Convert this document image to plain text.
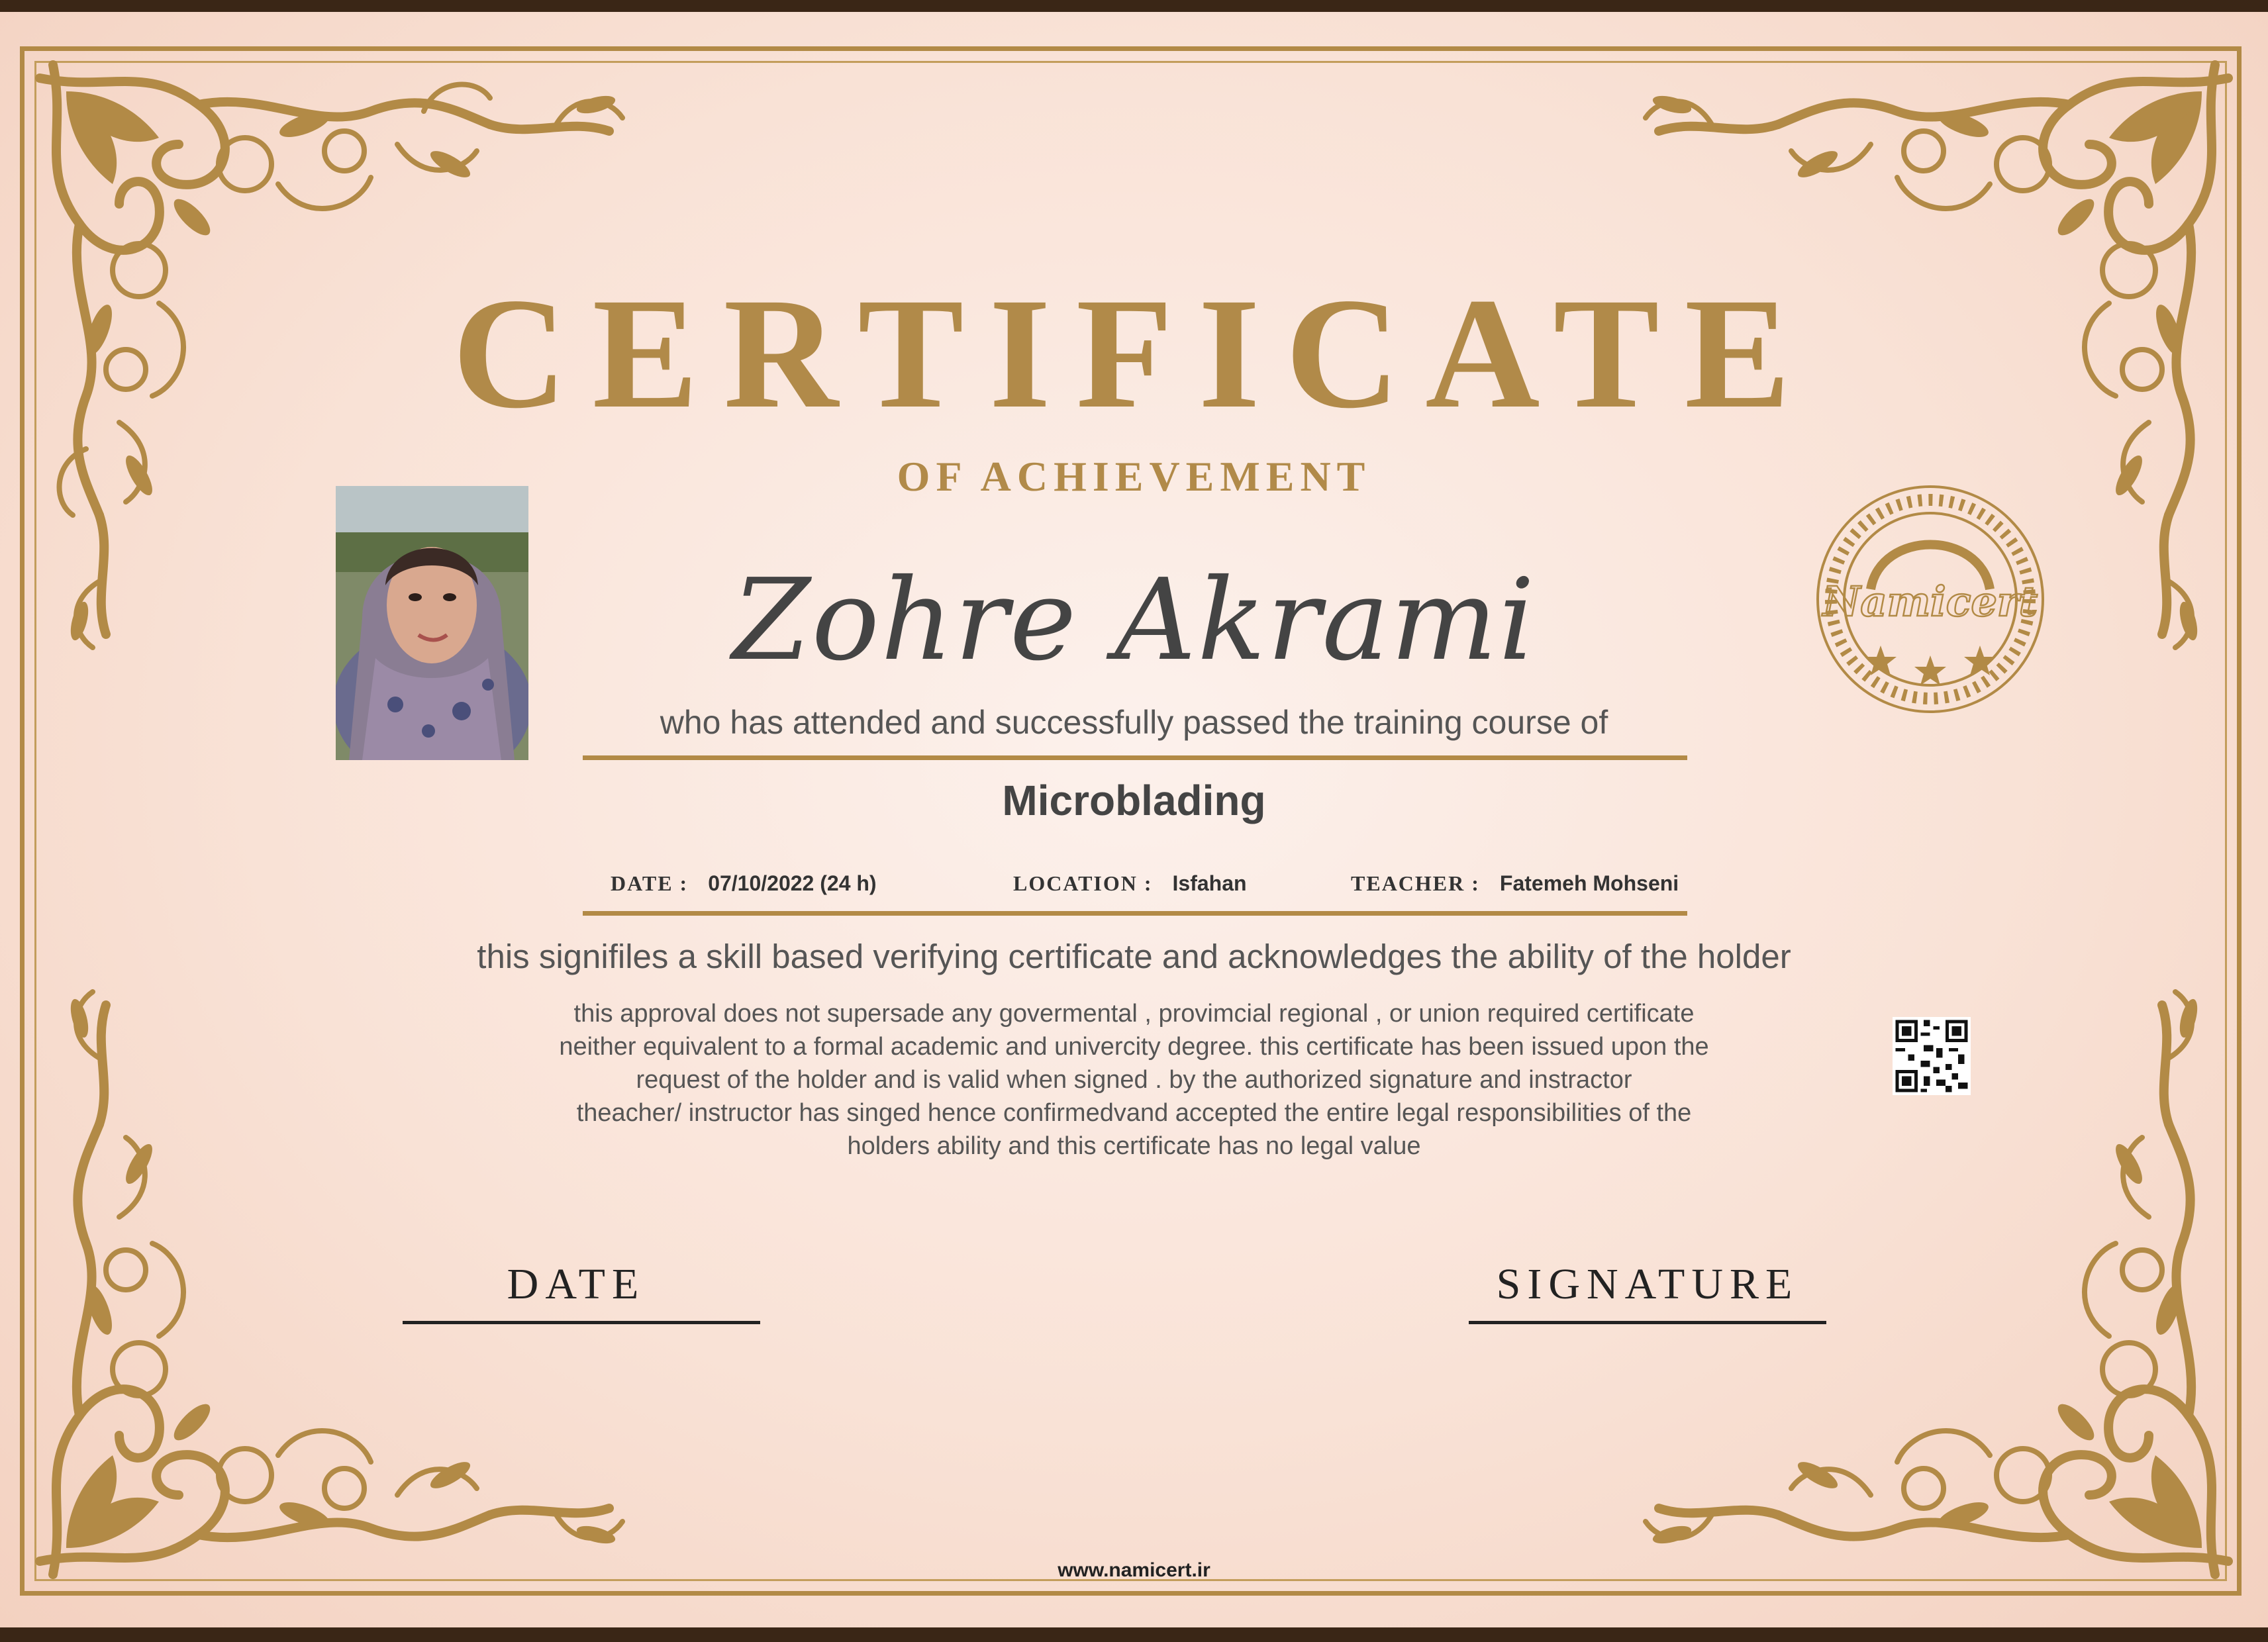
CERTIFICATE
OF ACHIEVEMENT
Namicert
Zohre Akrami
who has attended and successfully passed the training course of
Microblading
DATE : 07/10/2022 (24 h)	LOCATION : Isfahan	TEACHER : Fatemeh Mohseni
this signifiles a skill based verifying certificate and acknowledges the ability of the holder
this approval does not supersade any govermental , provimcial regional , or union required certificate
neither equivalent to a formal academic and univercity degree. this certificate has been issued upon the
request of the holder and is valid when signed . by the authorized signature and instractor
theacher/ instructor has singed hence confirmedvand accepted the entire legal responsibilities of the
holders ability and this certificate has no legal value
DATE	SIGNATURE
www.namicert.ir
